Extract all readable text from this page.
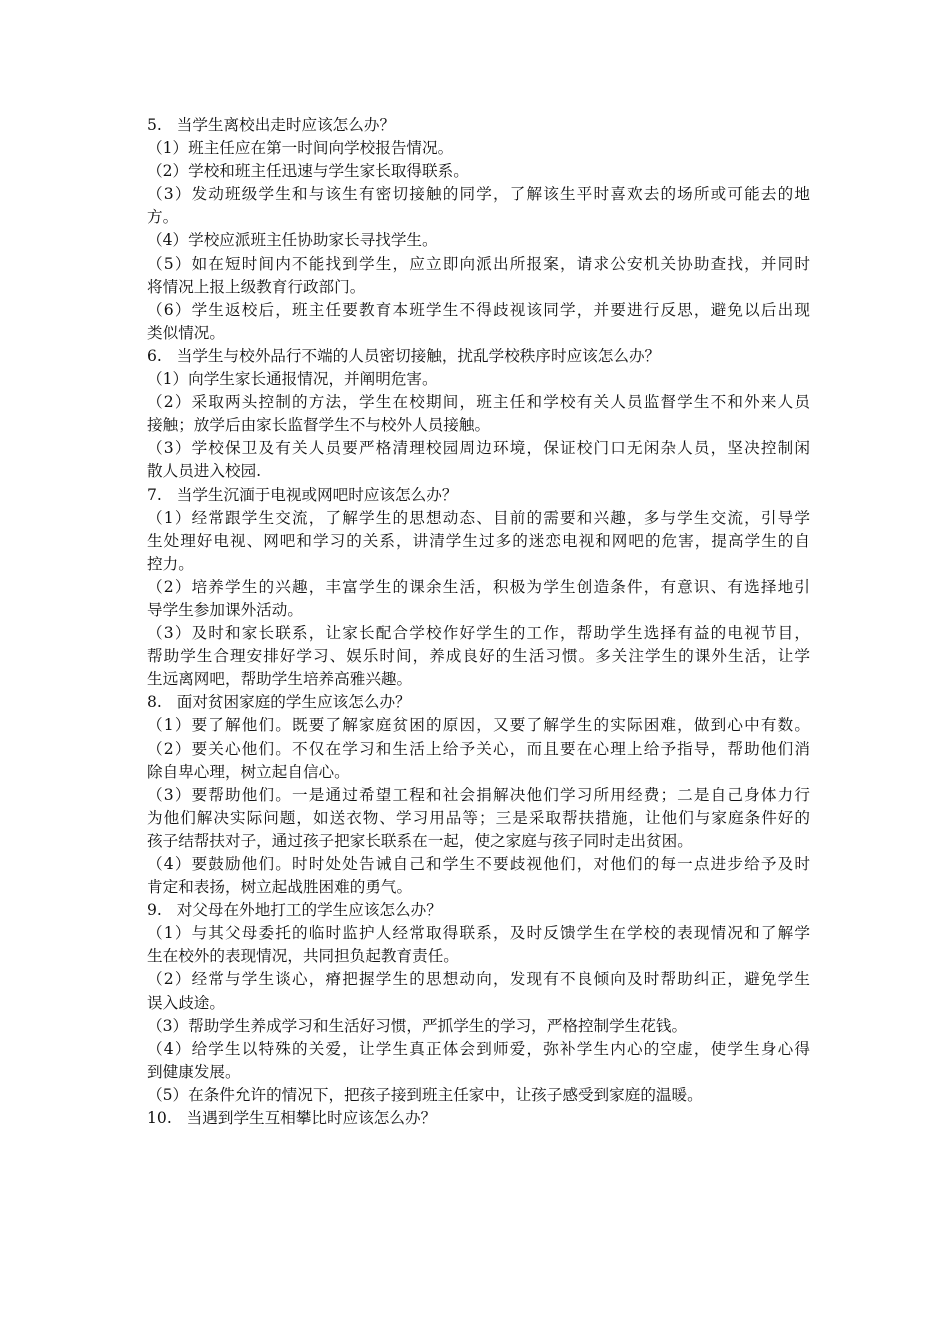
5.   当学生离校出走时应该怎么办？
（1）班主任应在第一时间向学校报告情况。
（2）学校和班主任迅速与学生家长取得联系。
（3）发动班级学生和与该生有密切接触的同学，了解该生平时喜欢去的场所或可能去的地
方。
（4）学校应派班主任协助家长寻找学生。
（5）如在短时间内不能找到学生，应立即向派出所报案，请求公安机关协助查找，并同时
将情况上报上级教育行政部门。
（6）学生返校后，班主任要教育本班学生不得歧视该同学，并要进行反思，避免以后出现
类似情况。
6.   当学生与校外品行不端的人员密切接触，扰乱学校秩序时应该怎么办？
（1）向学生家长通报情况，并阐明危害。
（2）采取两头控制的方法，学生在校期间，班主任和学校有关人员监督学生不和外来人员
接触；放学后由家长监督学生不与校外人员接触。
（3）学校保卫及有关人员要严格清理校园周边环境，保证校门口无闲杂人员，坚决控制闲
散人员进入校园.
7.   当学生沉湎于电视或网吧时应该怎么办？
（1）经常跟学生交流，了解学生的思想动态、目前的需要和兴趣，多与学生交流，引导学
生处理好电视、网吧和学习的关系，讲清学生过多的迷恋电视和网吧的危害，提高学生的自
控力。
（2）培养学生的兴趣，丰富学生的课余生活，积极为学生创造条件，有意识、有选择地引
导学生参加课外活动。
（3）及时和家长联系，让家长配合学校作好学生的工作，帮助学生选择有益的电视节目，
帮助学生合理安排好学习、娱乐时间，养成良好的生活习惯。多关注学生的课外生活，让学
生远离网吧，帮助学生培养高雅兴趣。
8.   面对贫困家庭的学生应该怎么办？
（1）要了解他们。既要了解家庭贫困的原因，又要了解学生的实际困难，做到心中有数。
（2）要关心他们。不仅在学习和生活上给予关心，而且要在心理上给予指导，帮助他们消
除自卑心理，树立起自信心。
（3）要帮助他们。一是通过希望工程和社会捐解决他们学习所用经费；二是自己身体力行
为他们解决实际问题，如送衣物、学习用品等；三是采取帮扶措施，让他们与家庭条件好的
孩子结帮扶对子，通过孩子把家长联系在一起，使之家庭与孩子同时走出贫困。
（4）要鼓励他们。时时处处告诫自己和学生不要歧视他们，对他们的每一点进步给予及时
肯定和表扬，树立起战胜困难的勇气。
9.   对父母在外地打工的学生应该怎么办？
（1）与其父母委托的临时监护人经常取得联系，及时反馈学生在学校的表现情况和了解学
生在校外的表现情况，共同担负起教育责任。
（2）经常与学生谈心，瘠把握学生的思想动向，发现有不良倾向及时帮助纠正，避免学生
误入歧途。
（3）帮助学生养成学习和生活好习惯，严抓学生的学习，严格控制学生花钱。
（4）给学生以特殊的关爱，让学生真正体会到师爱，弥补学生内心的空虚，使学生身心得
到健康发展。
（5）在条件允许的情况下，把孩子接到班主任家中，让孩子感受到家庭的温暖。
10.   当遇到学生互相攀比时应该怎么办？
